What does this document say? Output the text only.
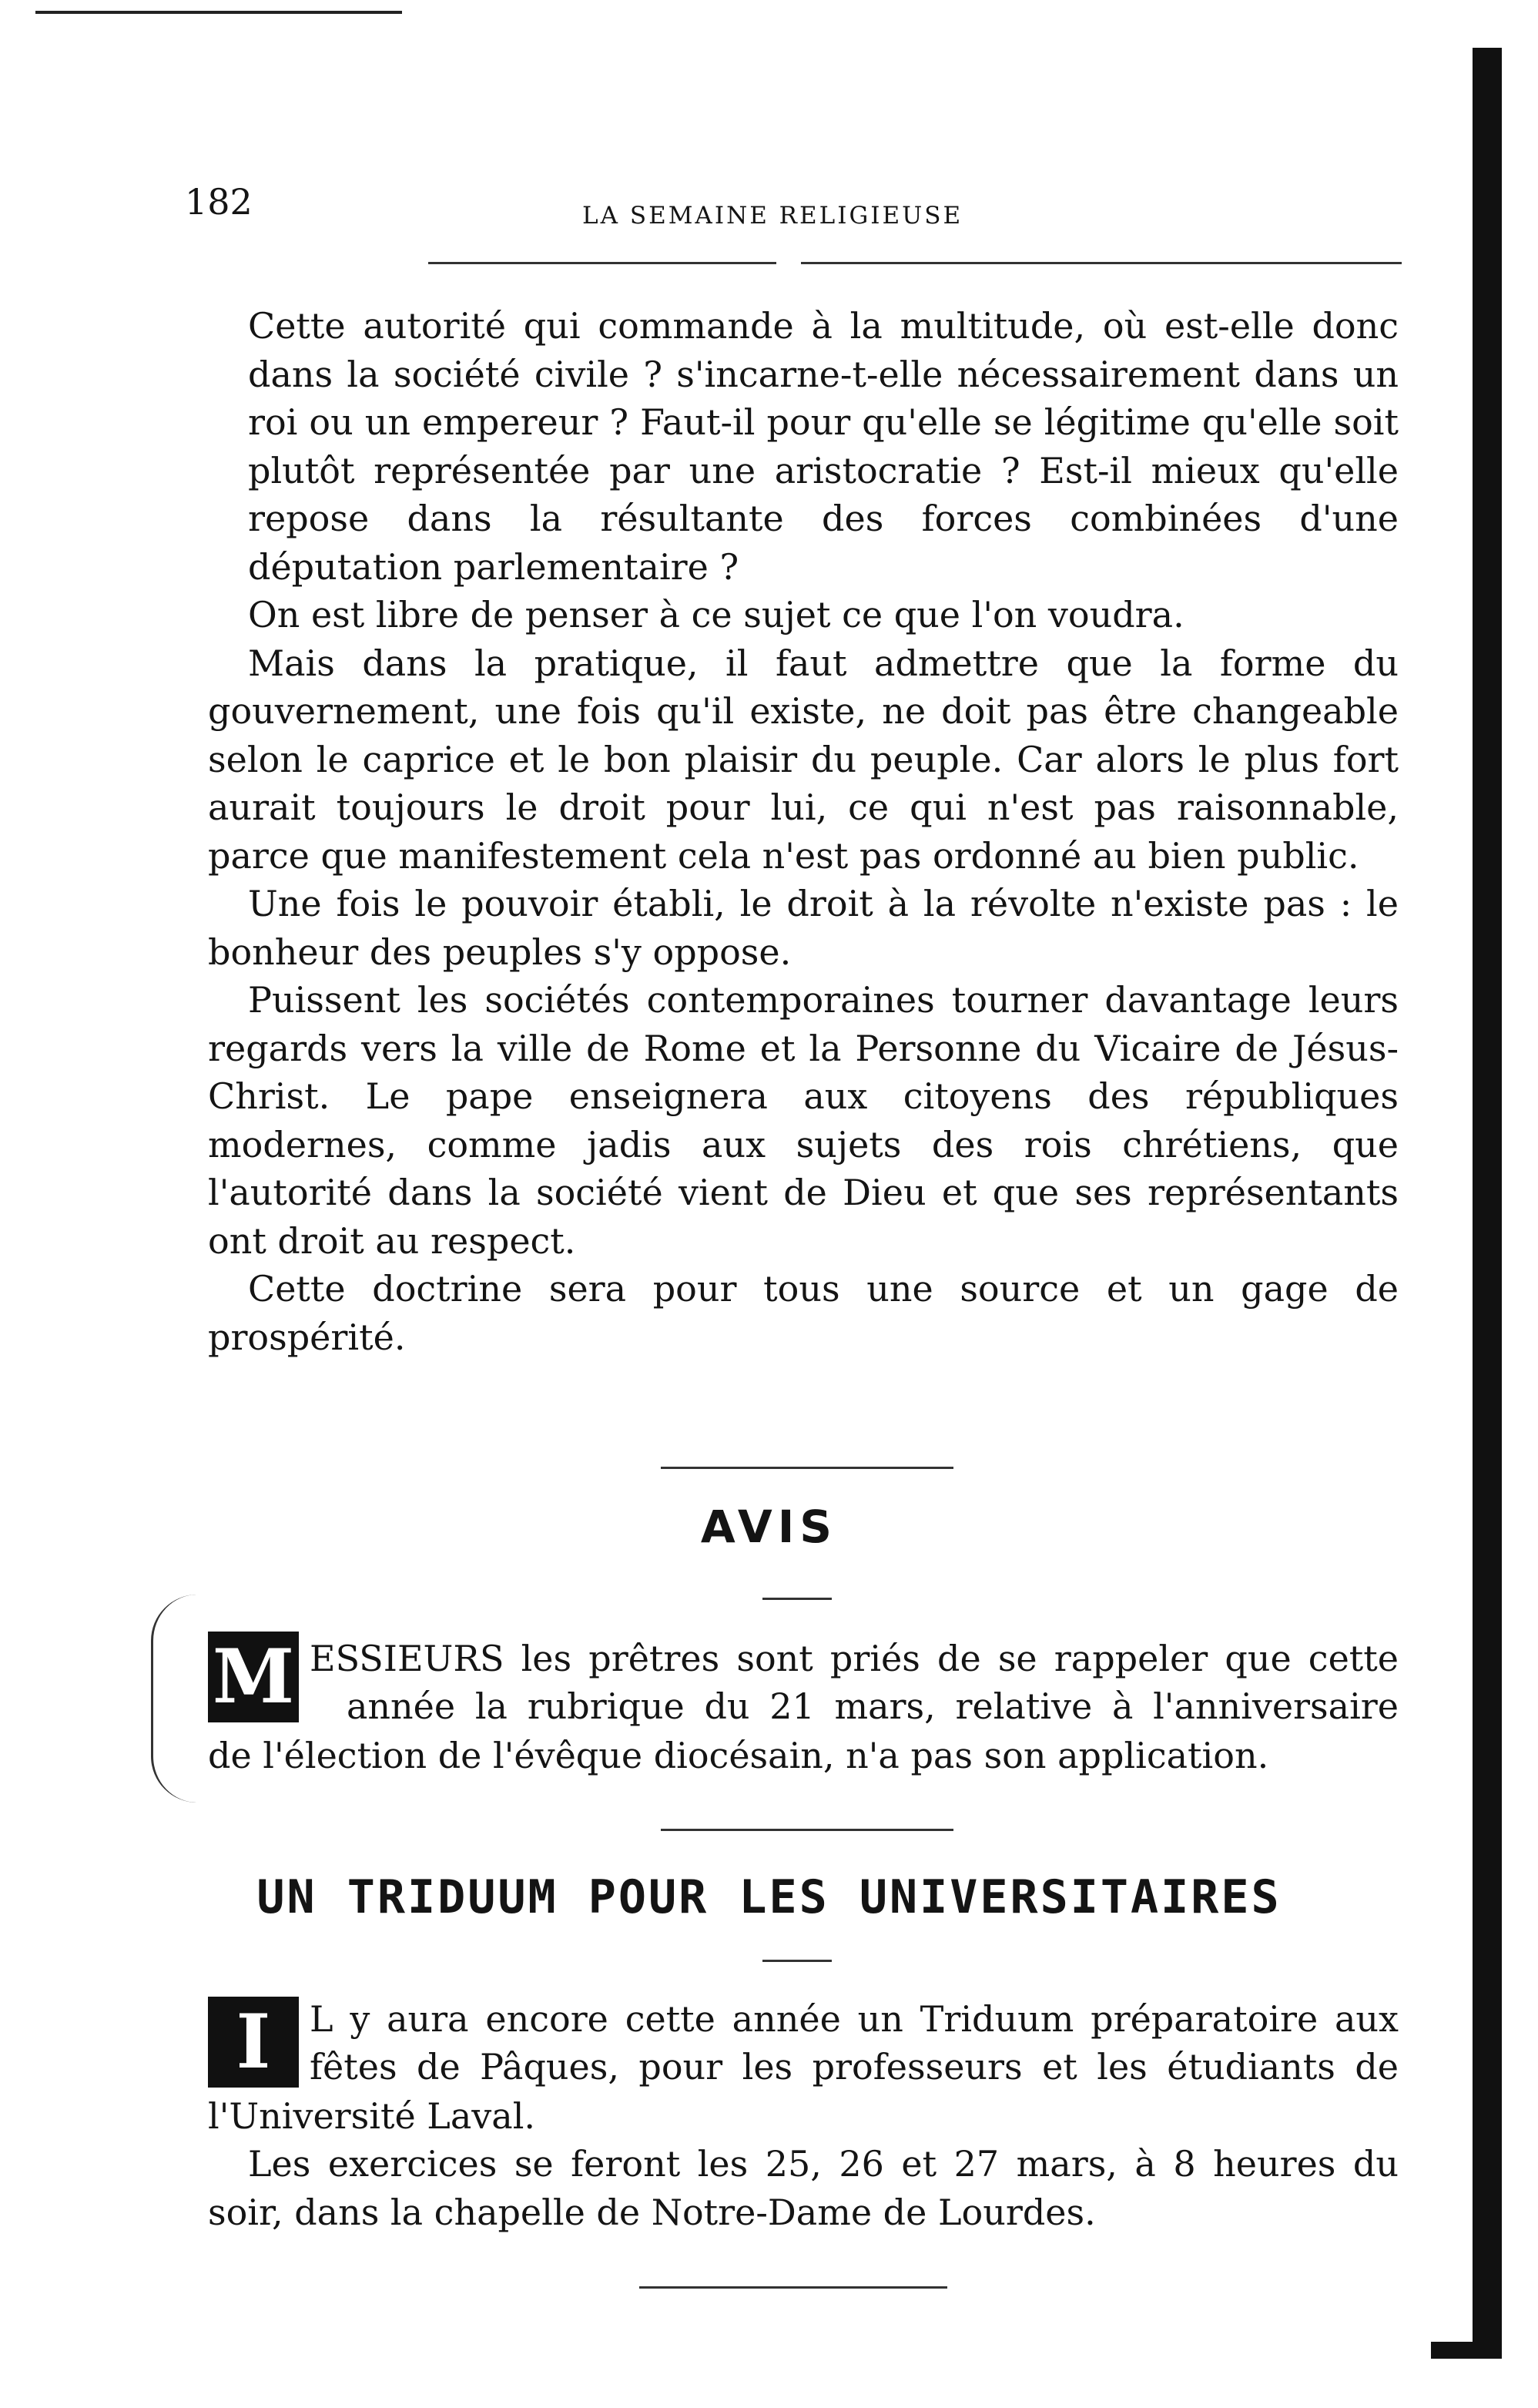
182	LA SEMAINE RELIGIEUSE

Cette autorité qui commande à la multitude, où est-elle donc dans la société civile ? s'incarne-t-elle nécessairement dans un roi ou un empereur ? Faut-il pour qu'elle se légitime qu'elle soit plutôt représentée par une aristocratie ? Est-il mieux qu'elle repose dans la résultante des forces combinées d'une députation parlementaire ?

On est libre de penser à ce sujet ce que l'on voudra.

Mais dans la pratique, il faut admettre que la forme du gouvernement, une fois qu'il existe, ne doit pas être changeable selon le caprice et le bon plaisir du peuple. Car alors le plus fort aurait toujours le droit pour lui, ce qui n'est pas raisonnable, parce que manifestement cela n'est pas ordonné au bien public.

Une fois le pouvoir établi, le droit à la révolte n'existe pas : le bonheur des peuples s'y oppose.

Puissent les sociétés contemporaines tourner davantage leurs regards vers la ville de Rome et la Personne du Vicaire de Jésus-Christ. Le pape enseignera aux citoyens des républiques modernes, comme jadis aux sujets des rois chrétiens, que l'autorité dans la société vient de Dieu et que ses représentants ont droit au respect.

Cette doctrine sera pour tous une source et un gage de prospérité.

AVIS
M ESSIEURS les prêtres sont priés de se rappeler que cette
année la rubrique du 21 mars, relative à l'anniversaire
de l'élection de l'évêque diocésain, n'a pas son application.
UN TRIDUUM POUR LES UNIVERSITAIRES
I	L y aura encore cette année un Triduum préparatoire aux
fêtes de Pâques, pour les professeurs et les étudiants de
l'Université Laval.

Les exercices se feront les 25, 26 et 27 mars, à 8 heures du soir, dans la chapelle de Notre-Dame de Lourdes.
